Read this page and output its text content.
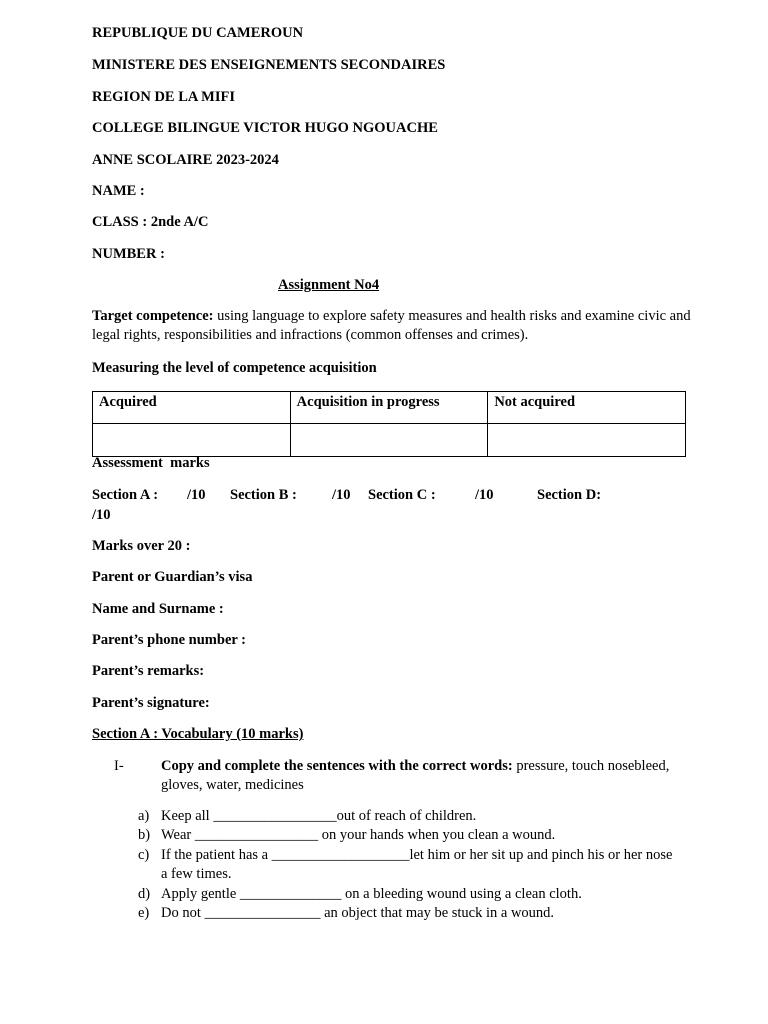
REPUBLIQUE DU CAMEROUN
MINISTERE DES ENSEIGNEMENTS SECONDAIRES
REGION DE LA MIFI
COLLEGE BILINGUE VICTOR HUGO NGOUACHE
ANNE SCOLAIRE 2023-2024
NAME :
CLASS : 2nde A/C
NUMBER :
Assignment No4
Target competence: using language to explore safety measures and health risks and examine civic and legal rights, responsibilities and infractions (common offenses and crimes).
Measuring the level of competence acquisition
Acquired	Acquisition in progress	Not acquired

Assessment  marks
Section A : /10 Section B : /10 Section C :	/10	Section D:
/10
Marks over 20 :
Parent or Guardian’s visa
Name and Surname :
Parent’s phone number :
Parent’s remarks:
Parent’s signature:
Section A : Vocabulary (10 marks)
I-	Copy and complete the sentences with the correct words: pressure, touch nosebleed, gloves, water, medicines
a) Keep all _________________out of reach of children.
b) Wear _________________ on your hands when you clean a wound.
c) If the patient has a ___________________let him or her sit up and pinch his or her nose a few times.
d) Apply gentle ______________ on a bleeding wound using a clean cloth.
e) Do not ________________ an object that may be stuck in a wound.
